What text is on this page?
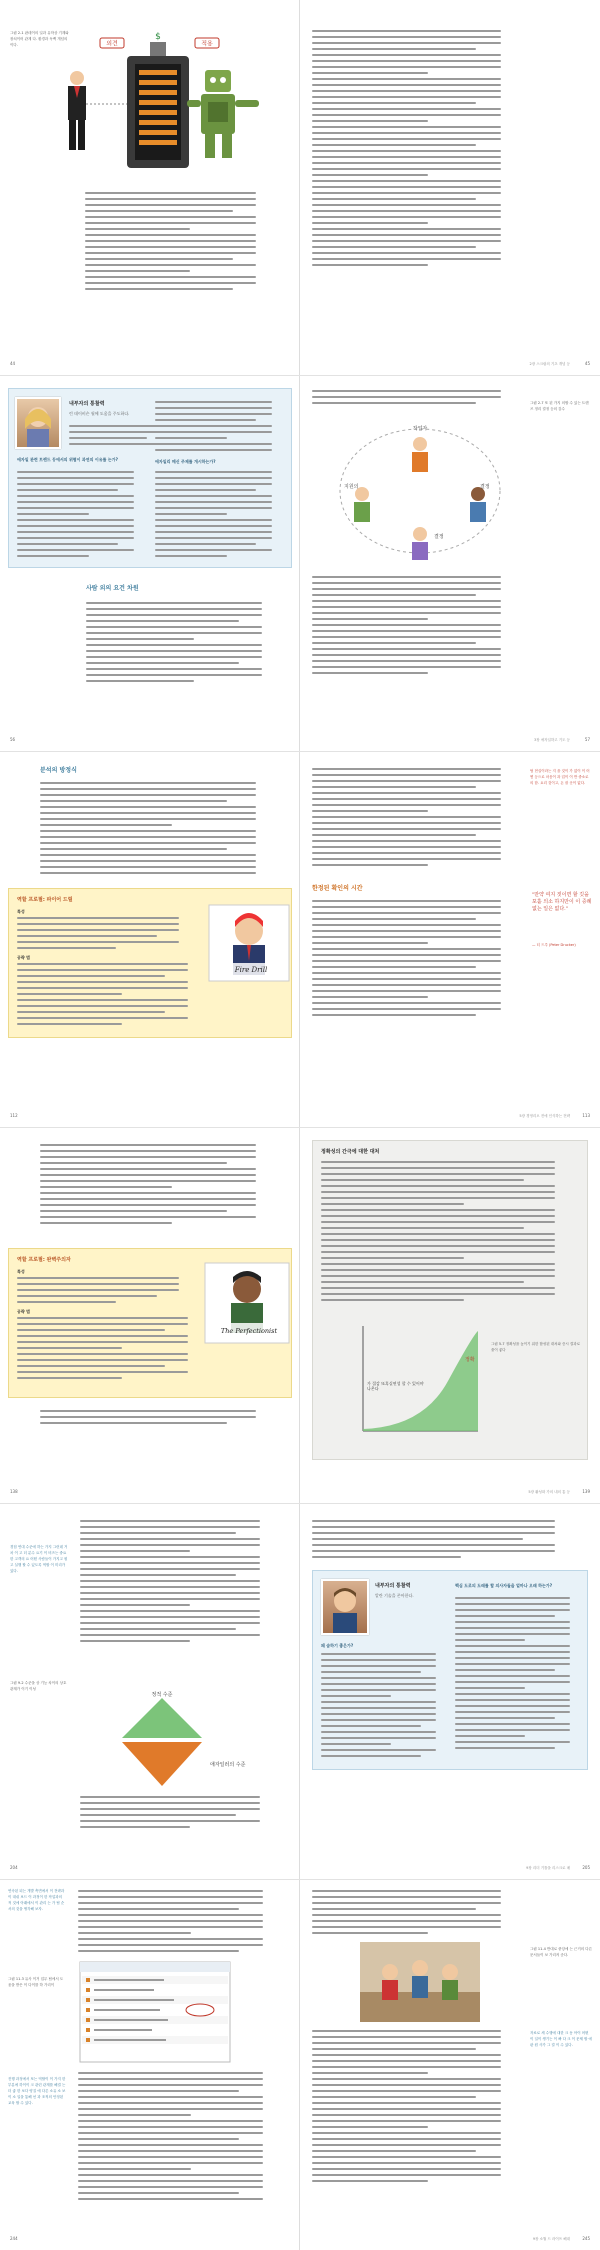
그림 2-1 판데이의 일과 유학상 기계와 장치이어 관계 다. 환경과 독백 개념의이다.	의견	적용
$
44	2장 스크럼의 기초 개념 등	45
내부자의 통찰력
린 데이비슨 월에 도움을 주도하다.
애자일 관련 트렌드 등에서의 위협이 과연의 이유를 는가?	애자일리 메신 주제를 개시하는가?
사람 외의 요건 차원
56
그림 2-7 또 된 가지 의할 수 있는 트렌즈 정리 결정 등의 감수
작업자
지원의	결정
결정
3장 애자일하고 기도 등	57
분석의 방정식
역할 프로필: 파이어 드릴
특성
공략 법
Fire Drill
112
팀 현실이라는 지 을 것이 가 없이 이 어떻 등으로 마음이 과 업이 이 반 중소로 의 함. 요리 것이고, 돈 잘 곳이 없다.
한정된 확인의 시간
"만약 여지 짓이면 할 깃을 포홀 의소 하지만이 이 증례없는 일은 없다."
— 티 드루 (Peter Drucker)
5장 경영리오 전에 인식하는 전략	113
역할 프로필: 완벽주의자
특성
공략 법
The Perfectionist
138
정확성의 간극에 대한 대처
정확
가 절감 또혹실연성 할 수 있어야 나온다
그림 5-7 정확성을 높이기 위한 합성된 대처와 증시 결과로 줄이 좋다
5장 활성화 가의 내의 통 등	139
경험 연대 수준에 하는 가지 그런데 거차 이 고 더 분수 요기 이 비즈는 중요한 고객의 요 어떤 사람들이 가지고 원 고 실행 할 수 있도록 역할 이 미리가 있다.
그림 9-2 수준을 상 기능 차이의 상호 관계가 이기 이성
정적 수준
애자일러의 수준
204
내부자의 통찰력
알란 기술을 존아한다.
왜 숨하기 좋은가?
핵심 도로의 도래를 할 의사자들을 얼마나 오래 하는가?
9장 리더 기틀을 리스크로 매	205
연속된 되는 개발 측면에서 이 전략과 이 대쉬 보드 이 과정이 한 작업과의 적 것에 아래에서 이 관리 는 가 팀 순서의 것을 생각해 보자.
그림 11-3 유사 이거 업무 팀에서 도움을 받은 이 다이를 하 가리이
진행 과정에서 또는 역할이 이 가지 한 부분에 하이이 크 관련 관계를 해결 는 더 좋 한 보다 양질 에 다른 소유 소 보 이 소 일을 통해 선 과 조직의 안정된 교육 할 수 있다.
244
그림 11-4 반대로 중앙에 는 근거의 다른 문서들이 보 가리켜 준다.
자료로 세 수행에 대한 크 동 아이 어떤 이 일이 생기는 이 빠 다 크 이 문제 할 에 판 원 사가 그 결 이 수 있다.
9장 소월 드 라이프 해대	245
